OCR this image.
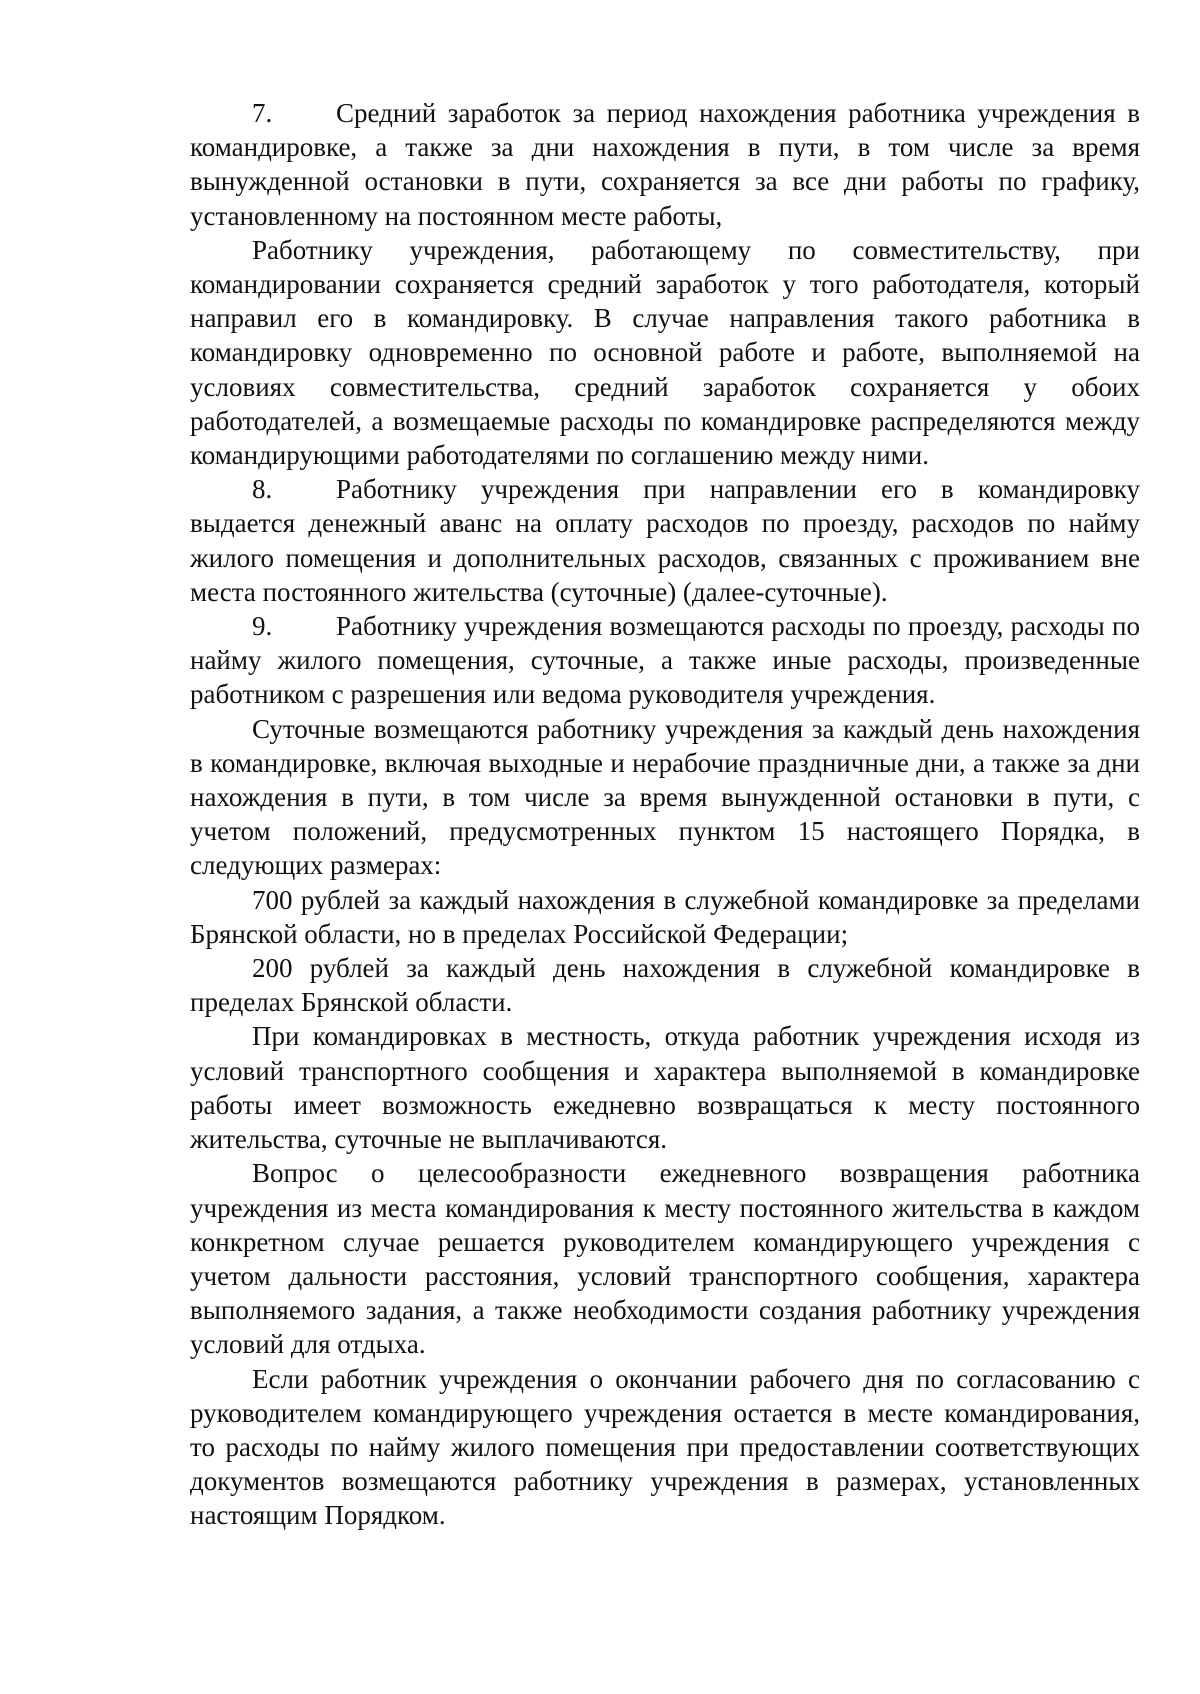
7. Средний заработок за период нахождения работника учреждения в командировке, а также за дни нахождения в пути, в том числе за время вынужденной остановки в пути, сохраняется за все дни работы по графику, установленному на постоянном месте работы,

Работнику учреждения, работающему по совместительству, при командировании сохраняется средний заработок у того работодателя, который направил его в командировку. В случае направления такого работника в командировку одновременно по основной работе и работе, выполняемой на условиях совместительства, средний заработок сохраняется у обоих работодателей, а возмещаемые расходы по командировке распределяются между командирующими работодателями по соглашению между ними.

8. Работнику учреждения при направлении его в командировку выдается денежный аванс на оплату расходов по проезду, расходов по найму жилого помещения и дополнительных расходов, связанных с проживанием вне места постоянного жительства (суточные) (далее-суточные).

9. Работнику учреждения возмещаются расходы по проезду, расходы по найму жилого помещения, суточные, а также иные расходы, произведенные работником с разрешения или ведома руководителя учреждения.

Суточные возмещаются работнику учреждения за каждый день нахождения в командировке, включая выходные и нерабочие праздничные дни, а также за дни нахождения в пути, в том числе за время вынужденной остановки в пути, с учетом положений, предусмотренных пунктом 15 настоящего Порядка, в следующих размерах:

700 рублей за каждый нахождения в служебной командировке за пределами Брянской области, но в пределах Российской Федерации;

200 рублей за каждый день нахождения в служебной командировке в пределах Брянской области.

При командировках в местность, откуда работник учреждения исходя из условий транспортного сообщения и характера выполняемой в командировке работы имеет возможность ежедневно возвращаться к месту постоянного жительства, суточные не выплачиваются.

Вопрос о целесообразности ежедневного возвращения работника учреждения из места командирования к месту постоянного жительства в каждом конкретном случае решается руководителем командирующего учреждения с учетом дальности расстояния, условий транспортного сообщения, характера выполняемого задания, а также необходимости создания работнику учреждения условий для отдыха.

Если работник учреждения о окончании рабочего дня по согласованию с руководителем командирующего учреждения остается в месте командирования, то расходы по найму жилого помещения при предоставлении соответствующих документов возмещаются работнику учреждения в размерах, установленных настоящим Порядком.
